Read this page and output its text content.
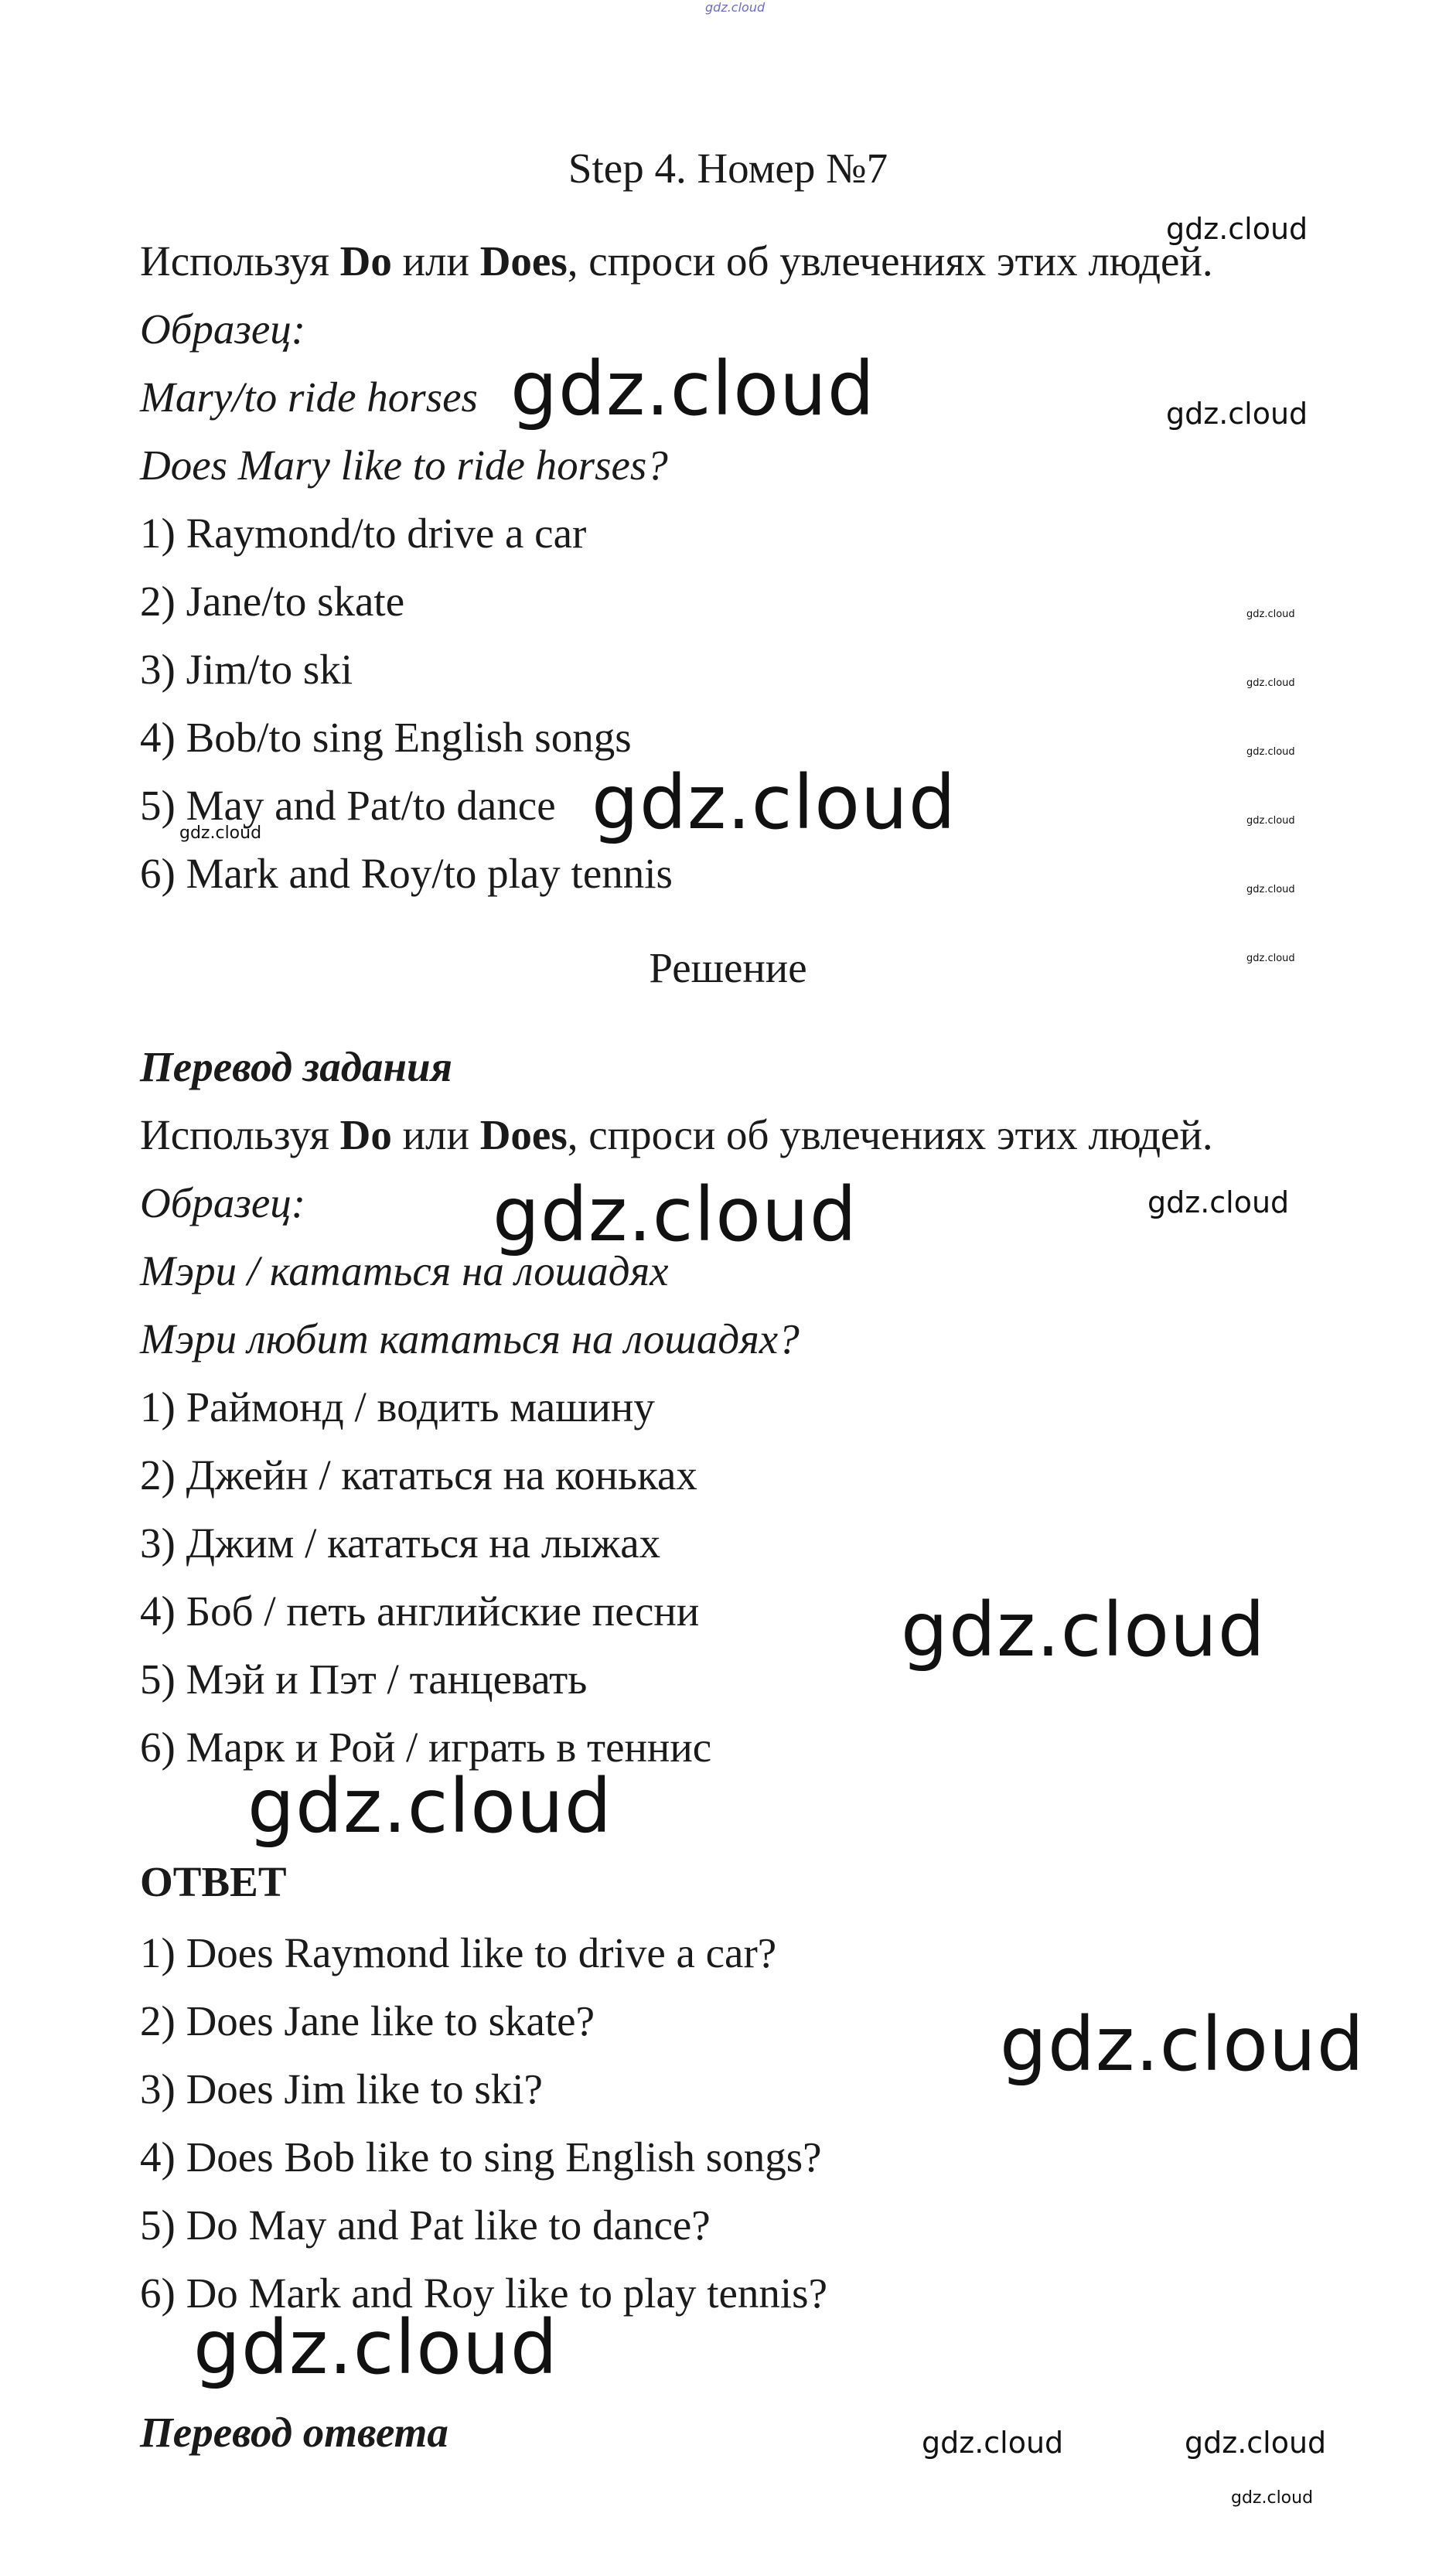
gdz.cloud
Step 4. Номер №7
Используя Do или Does, спроси об увлечениях этих людей.
Образец:
Mary/to ride horses
Does Mary like to ride horses?
1) Raymond/to drive a car
2) Jane/to skate
3) Jim/to ski
4) Bob/to sing English songs
5) May and Pat/to dance
6) Mark and Roy/to play tennis
Решение
Перевод задания
Используя Do или Does, спроси об увлечениях этих людей.
Образец:
Мэри / кататься на лошадях
Мэри любит кататься на лошадях?
1) Раймонд / водить машину
2) Джейн / кататься на коньках
3) Джим / кататься на лыжах
4) Боб / петь английские песни
5) Мэй и Пэт / танцевать
6) Марк и Рой / играть в теннис
ОТВЕТ
1) Does Raymond like to drive a car?
2) Does Jane like to skate?
3) Does Jim like to ski?
4) Does Bob like to sing English songs?
5) Do May and Pat like to dance?
6) Do Mark and Roy like to play tennis?
Перевод ответа
gdz.cloud
gdz.cloud	gdz.cloud
gdz.cloud
gdz.cloud
gdz.cloud
gdz.cloud	gdz.cloud
gdz.cloud
gdz.cloud
gdz.cloud
gdz.cloud	gdz.cloud
gdz.cloud
gdz.cloud
gdz.cloud
gdz.cloud
gdz.cloud	gdz.cloud
gdz.cloud
